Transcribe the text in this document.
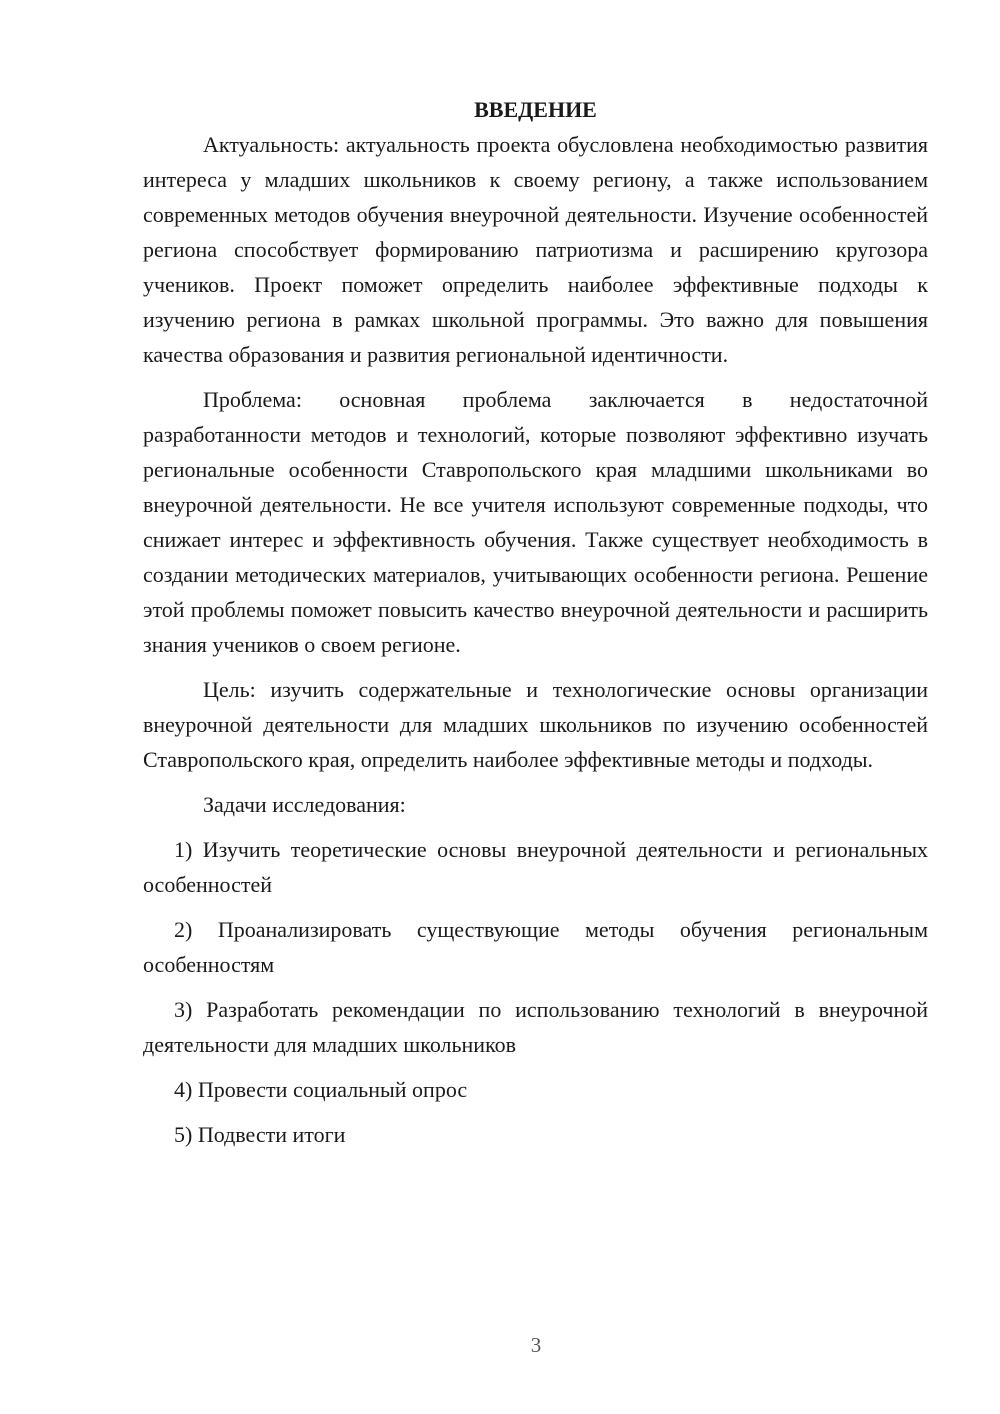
ВВЕДЕНИЕ

Актуальность: актуальность проекта обусловлена необходимостью развития интереса у младших школьников к своему региону, а также использованием современных методов обучения внеурочной деятельности. Изучение особенностей региона способствует формированию патриотизма и расширению кругозора учеников. Проект поможет определить наиболее эффективные подходы к изучению региона в рамках школьной программы. Это важно для повышения качества образования и развития региональной идентичности.

Проблема: основная проблема заключается в недостаточной разработанности методов и технологий, которые позволяют эффективно изучать региональные особенности Ставропольского края младшими школьниками во внеурочной деятельности. Не все учителя используют современные подходы, что снижает интерес и эффективность обучения. Также существует необходимость в создании методических материалов, учитывающих особенности региона. Решение этой проблемы поможет повысить качество внеурочной деятельности и расширить знания учеников о своем регионе.

Цель: изучить содержательные и технологические основы организации внеурочной деятельности для младших школьников по изучению особенностей Ставропольского края, определить наиболее эффективные методы и подходы.

Задачи исследования:

1) Изучить теоретические основы внеурочной деятельности и региональных особенностей

2) Проанализировать существующие методы обучения региональным особенностям

3) Разработать рекомендации по использованию технологий в внеурочной деятельности для младших школьников

4) Провести социальный опрос

5) Подвести итоги

3
